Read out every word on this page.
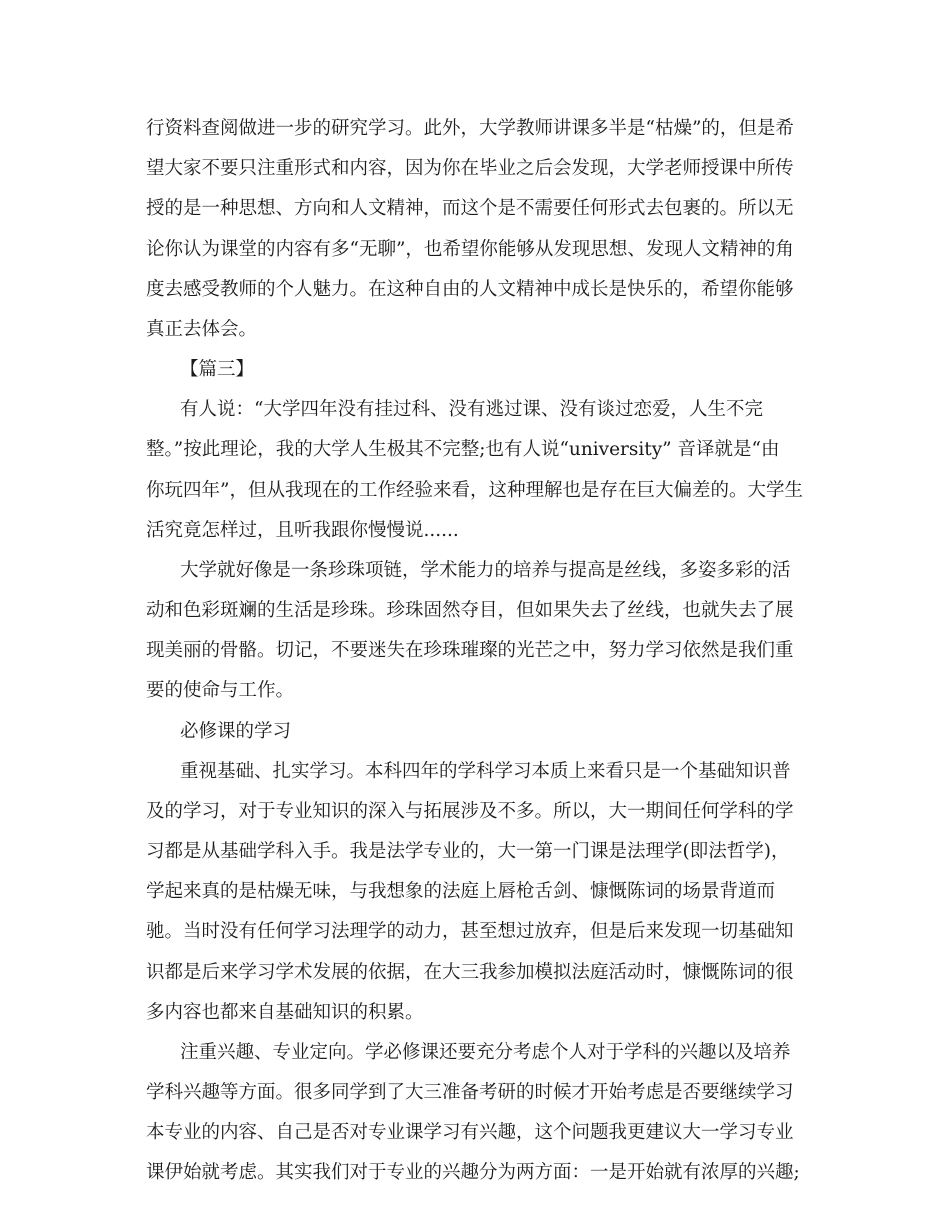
行资料查阅做进一步的研究学习。此外，大学教师讲课多半是“枯燥”的，但是希
望大家不要只注重形式和内容，因为你在毕业之后会发现，大学老师授课中所传
授的是一种思想、方向和人文精神，而这个是不需要任何形式去包裹的。所以无
论你认为课堂的内容有多“无聊”，也希望你能够从发现思想、发现人文精神的角
度去感受教师的个人魅力。在这种自由的人文精神中成长是快乐的，希望你能够
真正去体会。
【篇三】
有人说：“大学四年没有挂过科、没有逃过课、没有谈过恋爱，人生不完
整。”按此理论，我的大学人生极其不完整;也有人说“university” 音译就是“由
你玩四年”，但从我现在的工作经验来看，这种理解也是存在巨大偏差的。大学生
活究竟怎样过，且听我跟你慢慢说......
大学就好像是一条珍珠项链，学术能力的培养与提高是丝线，多姿多彩的活
动和色彩斑斓的生活是珍珠。珍珠固然夺目，但如果失去了丝线，也就失去了展
现美丽的骨骼。切记，不要迷失在珍珠璀璨的光芒之中，努力学习依然是我们重
要的使命与工作。
必修课的学习
重视基础、扎实学习。本科四年的学科学习本质上来看只是一个基础知识普
及的学习，对于专业知识的深入与拓展涉及不多。所以，大一期间任何学科的学
习都是从基础学科入手。我是法学专业的，大一第一门课是法理学(即法哲学)，
学起来真的是枯燥无味，与我想象的法庭上唇枪舌剑、慷慨陈词的场景背道而
驰。当时没有任何学习法理学的动力，甚至想过放弃，但是后来发现一切基础知
识都是后来学习学术发展的依据，在大三我参加模拟法庭活动时，慷慨陈词的很
多内容也都来自基础知识的积累。
注重兴趣、专业定向。学必修课还要充分考虑个人对于学科的兴趣以及培养
学科兴趣等方面。很多同学到了大三准备考研的时候才开始考虑是否要继续学习
本专业的内容、自己是否对专业课学习有兴趣，这个问题我更建议大一学习专业
课伊始就考虑。其实我们对于专业的兴趣分为两方面：一是开始就有浓厚的兴趣;
